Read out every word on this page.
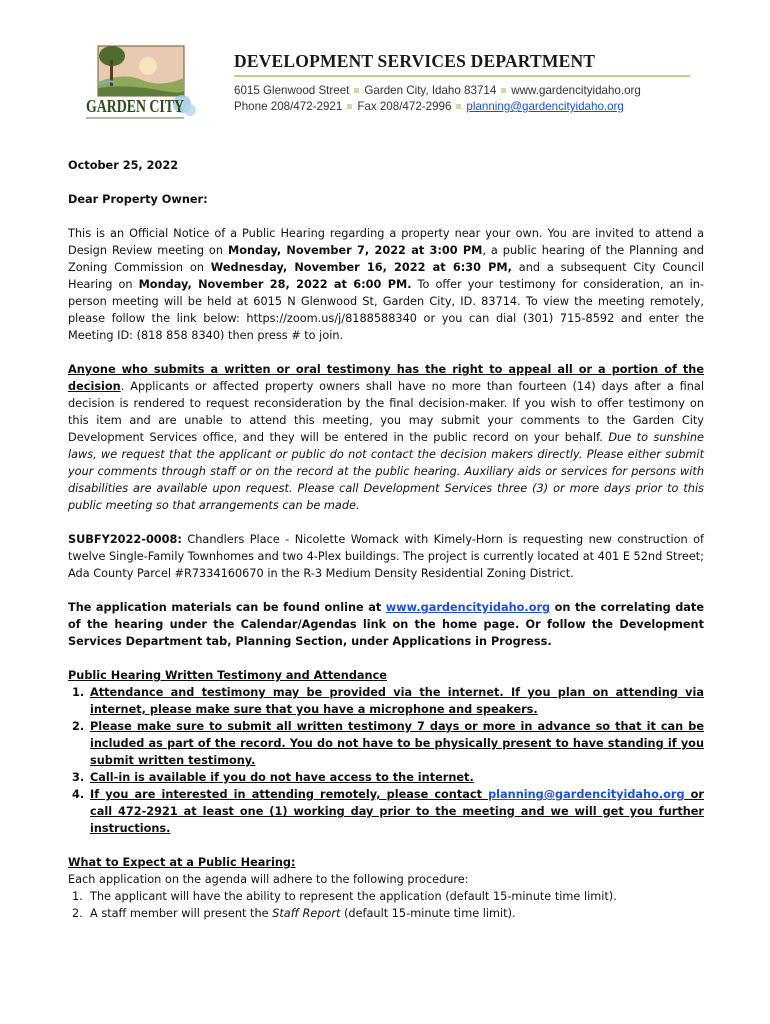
GARDEN CITY
DEVELOPMENT SERVICES DEPARTMENT
6015 Glenwood Street Garden City, Idaho 83714 www.gardencityidaho.org
Phone 208/472-2921 Fax 208/472-2996 planning@gardencityidaho.org

October 25, 2022

Dear Property Owner:

This is an Official Notice of a Public Hearing regarding a property near your own. You are invited to attend a Design Review meeting on Monday, November 7, 2022 at 3:00 PM, a public hearing of the Planning and Zoning Commission on Wednesday, November 16, 2022 at 6:30 PM, and a subsequent City Council Hearing on Monday, November 28, 2022 at 6:00 PM. To offer your testimony for consideration, an in-person meeting will be held at 6015 N Glenwood St, Garden City, ID. 83714. To view the meeting remotely, please follow the link below: https://zoom.us/j/8188588340 or you can dial (301) 715-8592 and enter the Meeting ID: (818 858 8340) then press # to join.

Anyone who submits a written or oral testimony has the right to appeal all or a portion of the decision. Applicants or affected property owners shall have no more than fourteen (14) days after a final decision is rendered to request reconsideration by the final decision-maker. If you wish to offer testimony on this item and are unable to attend this meeting, you may submit your comments to the Garden City Development Services office, and they will be entered in the public record on your behalf. Due to sunshine laws, we request that the applicant or public do not contact the decision makers directly. Please either submit your comments through staff or on the record at the public hearing. Auxiliary aids or services for persons with disabilities are available upon request. Please call Development Services three (3) or more days prior to this public meeting so that arrangements can be made.

SUBFY2022-0008: Chandlers Place - Nicolette Womack with Kimely-Horn is requesting new construction of twelve Single-Family Townhomes and two 4-Plex buildings. The project is currently located at 401 E 52nd Street; Ada County Parcel #R7334160670 in the R-3 Medium Density Residential Zoning District.

The application materials can be found online at www.gardencityidaho.org on the correlating date of the hearing under the Calendar/Agendas link on the home page. Or follow the Development Services Department tab, Planning Section, under Applications in Progress.

Public Hearing Written Testimony and Attendance

1. Attendance and testimony may be provided via the internet. If you plan on attending via internet, please make sure that you have a microphone and speakers.
2. Please make sure to submit all written testimony 7 days or more in advance so that it can be included as part of the record. You do not have to be physically present to have standing if you submit written testimony.
3. Call-in is available if you do not have access to the internet.
4. If you are interested in attending remotely, please contact planning@gardencityidaho.org or call 472-2921 at least one (1) working day prior to the meeting and we will get you further instructions.

What to Expect at a Public Hearing:

Each application on the agenda will adhere to the following procedure:

1. The applicant will have the ability to represent the application (default 15-minute time limit).
2. A staff member will present the Staff Report (default 15-minute time limit).
